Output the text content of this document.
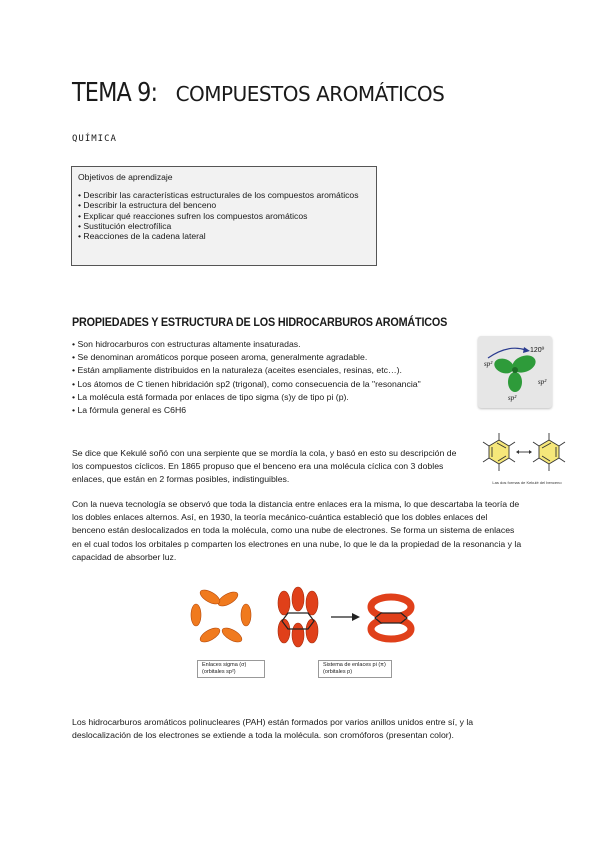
TEMA 9: COMPUESTOS AROMÁTICOS
QUÍMICA
Objetivos de aprendizaje
• Describir las características estructurales de los compuestos aromáticos
• Describir la estructura del benceno
• Explicar qué reacciones sufren los compuestos aromáticos
• Sustitución electrofílica
• Reacciones de la cadena lateral
PROPIEDADES Y ESTRUCTURA DE LOS HIDROCARBUROS AROMÁTICOS
• Son hidrocarburos con estructuras altamente insaturadas.
• Se denominan aromáticos porque poseen aroma, generalmente agradable.
• Están ampliamente distribuidos en la naturaleza (aceites esenciales, resinas, etc…).
• Los átomos de C tienen hibridación sp2 (trigonal), como consecuencia de la "resonancia"
• La molécula está formada por enlaces de tipo sigma (s)y de tipo pi (p).
• La fórmula general es C6H6
120º
sp²
sp²
sp²
Se dice que Kekulé soñó con una serpiente que se mordía la cola, y basó en esto su descripción de los compuestos cíclicos. En 1865 propuso que el benceno era una molécula cíclica con 3 dobles enlaces, que están en 2 formas posibles, indistinguibles.	Las dos formas de Kekulé del benceno
Con la nueva tecnología se observó que toda la distancia entre enlaces era la misma, lo que descartaba la teoría de los dobles enlaces alternos. Así, en 1930, la teoría mecánico-cuántica estableció que los dobles enlaces del benceno están deslocalizados en toda la molécula, como una nube de electrones. Se forma un sistema de enlaces en el cual todos los orbitales p comparten los electrones en una nube, lo que le da la propiedad de la resonancia y la capacidad de absorber luz.
Enlaces sigma (σ) (orbitales sp²)
Sistema de enlaces pi (π) (orbitales p)
Los hidrocarburos aromáticos polinucleares (PAH) están formados por varios anillos unidos entre sí, y la deslocalización de los electrones se extiende a toda la molécula. son cromóforos (presentan color).
